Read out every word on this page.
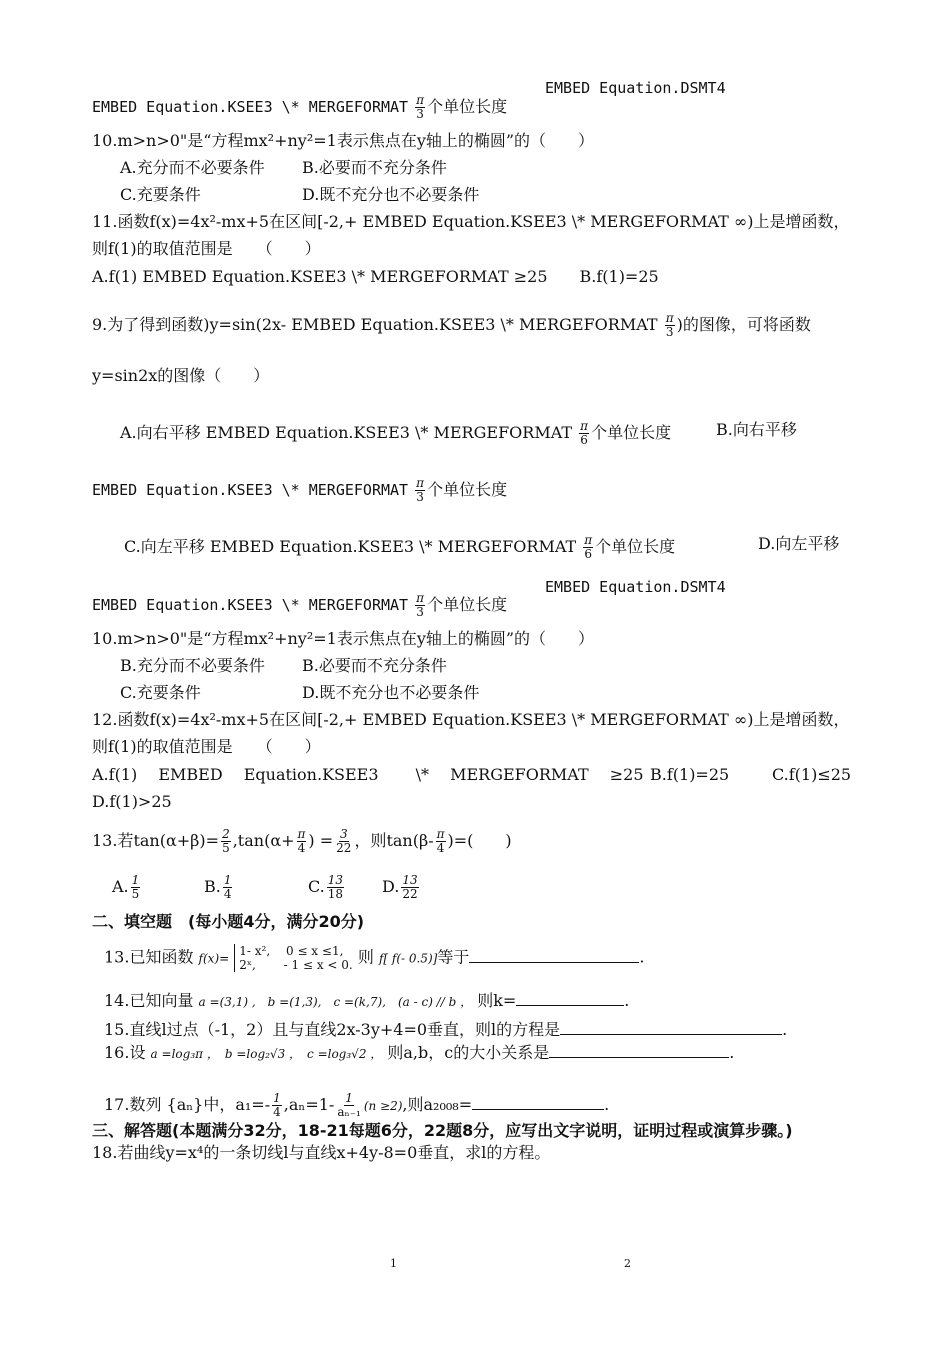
EMBED Equation.DSMT4
EMBED Equation.KSEE3 \* MERGEFORMAT $\frac{\pi}{3}$ 个单位长度
10.m>n>0"是“方程mx²+ny²=1表示焦点在y轴上的椭圆”的（　　）
A.充分而不必要条件 B.必要而不充分条件
C.充要条件	D.既不充分也不必要条件
11.函数f(x)=4x²-mx+5在区间[-2,+ EMBED Equation.KSEE3 \* MERGEFORMAT ∞)上是增函数，
则f(1)的取值范围是　　（　　）
A.f(1) EMBED Equation.KSEE3 \* MERGEFORMAT ≥25　　B.f(1)=25
9.为了得到函数)y=sin(2x- EMBED Equation.KSEE3 \* MERGEFORMAT $\frac{\pi}{3}$ )的图像，可将函数
y=sin2x的图像（　　）
A.向右平移 EMBED Equation.KSEE3 \* MERGEFORMAT $\frac{\pi}{6}$ 个单位长度	B.向右平移
EMBED Equation.KSEE3 \* MERGEFORMAT $\frac{\pi}{3}$ 个单位长度
C.向左平移 EMBED Equation.KSEE3 \* MERGEFORMAT $\frac{\pi}{6}$ 个单位长度	D.向左平移
EMBED Equation.DSMT4
EMBED Equation.KSEE3 \* MERGEFORMAT $\frac{\pi}{3}$ 个单位长度
10.m>n>0"是“方程mx²+ny²=1表示焦点在y轴上的椭圆”的（　　）
B.充分而不必要条件 B.必要而不充分条件
C.充要条件	D.既不充分也不必要条件
12.函数f(x)=4x²-mx+5在区间[-2,+ EMBED Equation.KSEE3 \* MERGEFORMAT ∞)上是增函数，
则f(1)的取值范围是　　（　　）
A.f(1)　 EMBED　 Equation.KSEE3　　 \*　 MERGEFORMAT　 ≥25 B.f(1)=25	C.f(1)≤25
D.f(1)>25
13.若$\tan(\alpha+\beta)= \frac{2}{5} ,\tan(\alpha+ \frac{\pi}{4}$ ) = $\frac{3}{22}$ ，则$\tan(\beta- \frac{\pi}{4}$ )=(　　)
A. $\frac{1}{5}$	B. $\frac{1}{4}$	C. $\frac{13}{18} D$. $\frac{13}{22}$
二、填空题　(每小题4分，满分20分)
13.已知函数 f(x)=
1- x²,　 0 ≤ x ≤1,
2ˣ,　　 - 1 ≤ x < 0. 则 f[ f(- 0.5)]等于	.
14.已知向量 a =(3,1) ,　b =(1,3),　c =(k,7),　(a - c) // b ， 则k=	.
15.直线l过点（-1，2）且与直线2x-3y+4=0垂直，则l的方程是	.
16.设 a =log₃π ，　b =log₂√3 ，　c =log₃√2 ， 则a,b，c的大小关系是	.
17.数列 {aₙ}中，$a_1=- \frac{1}{4} ,a_n=1- \frac{1}{\text{aₙ₋₁}} (n \ge 2)$,则a₂₀₀₈=	.
三、解答题(本题满分32分，18-21每题6分，22题8分，应写出文字说明，证明过程或演算步骤。)
18.若曲线y=x⁴的一条切线l与直线x+4y-8=0垂直，求l的方程。
1	2
